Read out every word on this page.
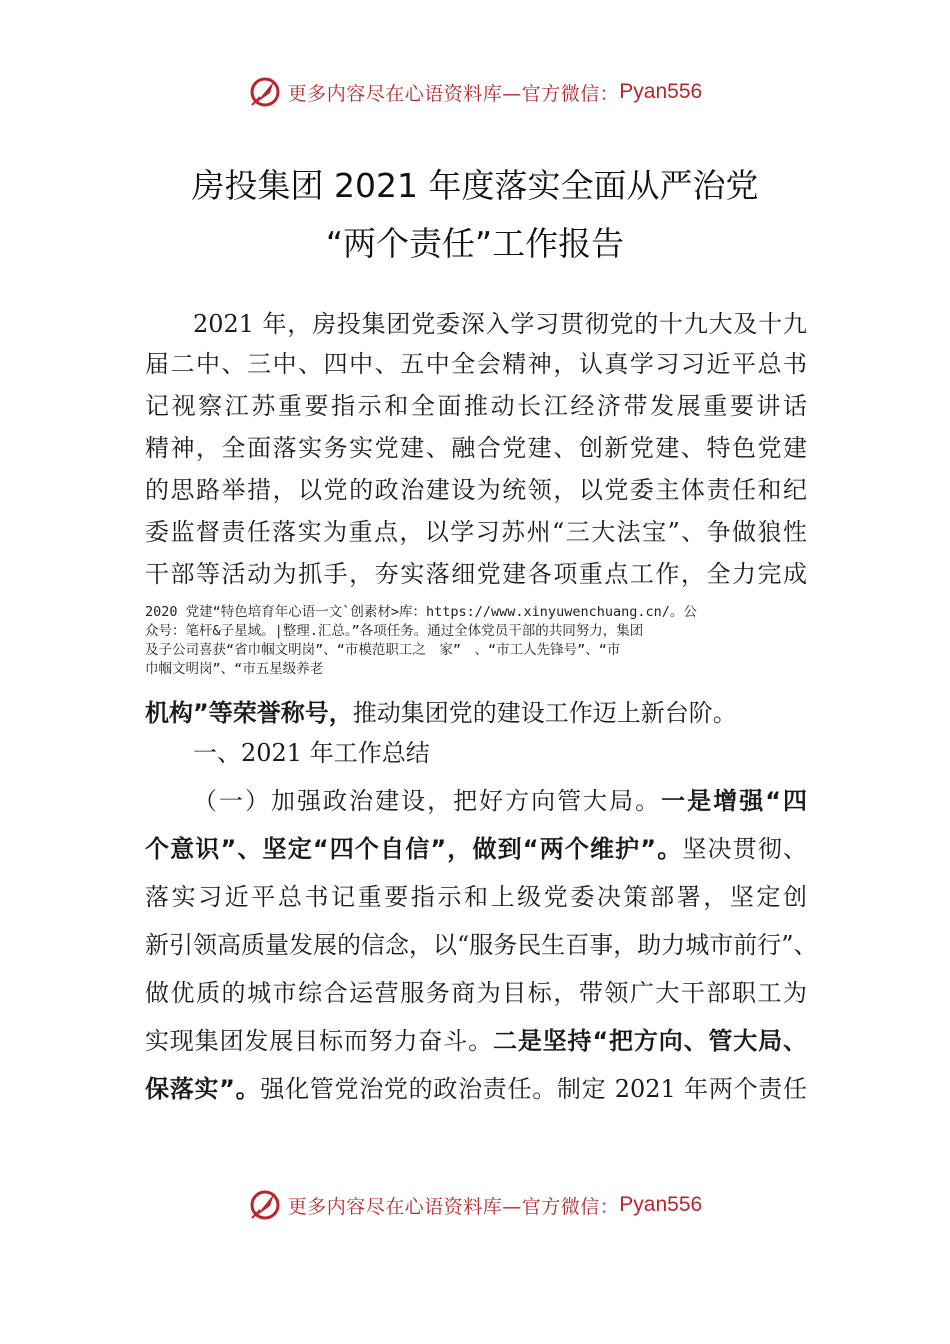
更多内容尽在心语资料库—官方微信： Pyan556
房投集团 2021 年度落实全面从严治党
“两个责任”工作报告
2021 年，房投集团党委深入学习贯彻党的十九大及十九
届二中、三中、四中、五中全会精神，认真学习习近平总书
记视察江苏重要指示和全面推动长江经济带发展重要讲话
精神，全面落实务实党建、融合党建、创新党建、特色党建
的思路举措，以党的政治建设为统领，以党委主体责任和纪
委监督责任落实为重点，以学习苏州“三大法宝”、争做狼性
干部等活动为抓手，夯实落细党建各项重点工作，全力完成
2020 党建“特色培育年心语一文`创素材>库：https://www.xinyuwenchuang.cn/。公
众号：笔杆&子星域。|整理.汇总。”各项任务。通过全体党员干部的共同努力，集团
及子公司喜获“省巾帼文明岗”、“市模范职工之　家”　、“市工人先锋号”、“市
巾帼文明岗”、“市五星级养老
机构”等荣誉称号，推动集团党的建设工作迈上新台阶。
一、2021 年工作总结
（一）加强政治建设，把好方向管大局。一是增强“四
个意识”、坚定“四个自信”，做到“两个维护”。坚决贯彻、
落实习近平总书记重要指示和上级党委决策部署，坚定创
新引领高质量发展的信念，以“服务民生百事，助力城市前行”、
做优质的城市综合运营服务商为目标，带领广大干部职工为
实现集团发展目标而努力奋斗。二是坚持“把方向、管大局、
保落实”。强化管党治党的政治责任。制定 2021 年两个责任
更多内容尽在心语资料库—官方微信： Pyan556
